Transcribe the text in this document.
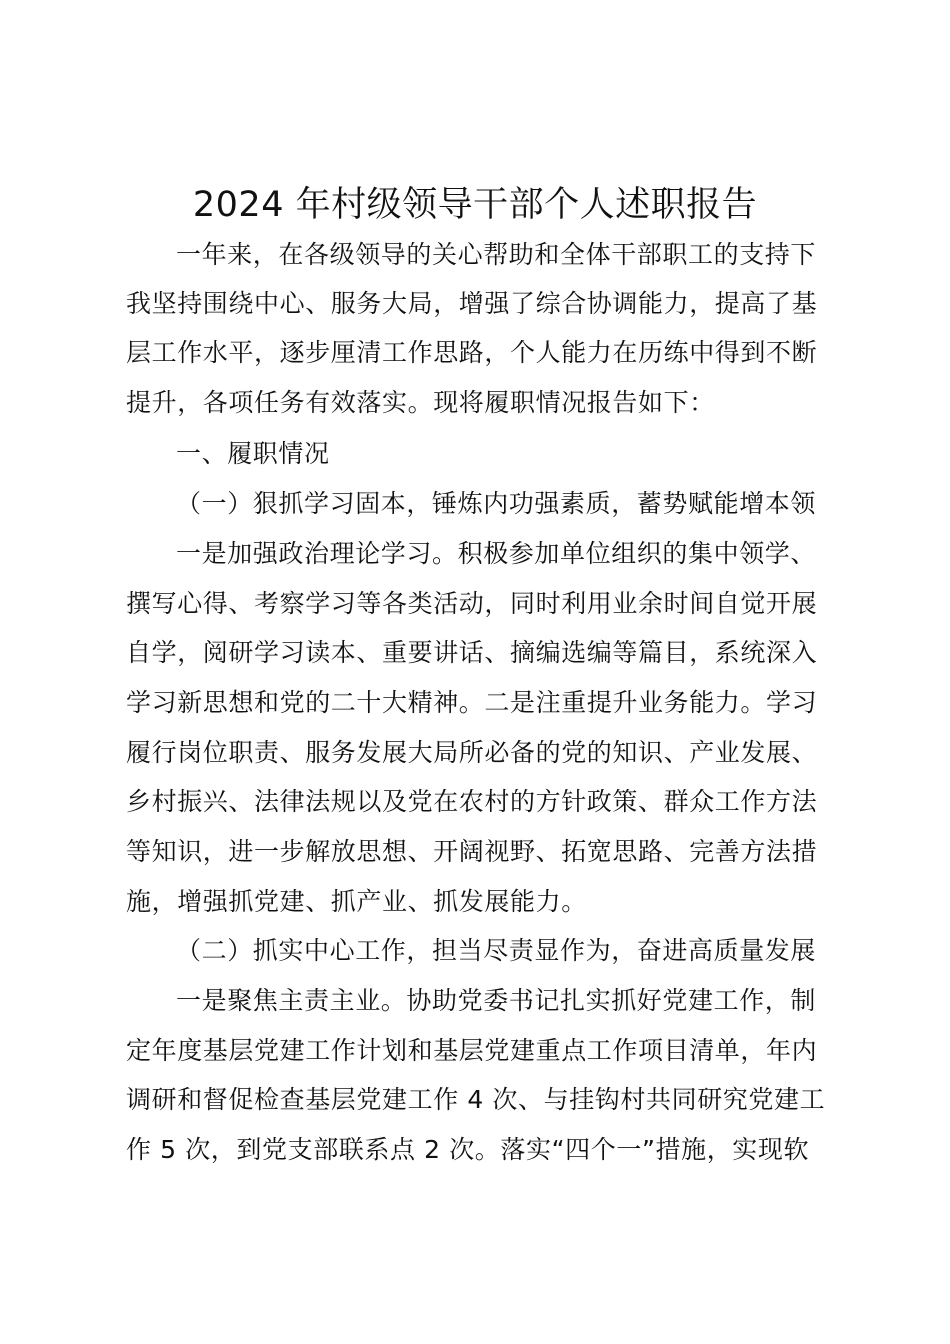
2024 年村级领导干部个人述职报告
一年来，在各级领导的关心帮助和全体干部职工的支持下
我坚持围绕中心、服务大局，增强了综合协调能力，提高了基
层工作水平，逐步厘清工作思路，个人能力在历练中得到不断
提升，各项任务有效落实。现将履职情况报告如下：
一、履职情况
（一）狠抓学习固本，锤炼内功强素质，蓄势赋能增本领
一是加强政治理论学习。积极参加单位组织的集中领学、
撰写心得、考察学习等各类活动，同时利用业余时间自觉开展
自学，阅研学习读本、重要讲话、摘编选编等篇目，系统深入
学习新思想和党的二十大精神。二是注重提升业务能力。学习
履行岗位职责、服务发展大局所必备的党的知识、产业发展、
乡村振兴、法律法规以及党在农村的方针政策、群众工作方法
等知识，进一步解放思想、开阔视野、拓宽思路、完善方法措
施，增强抓党建、抓产业、抓发展能力。
（二）抓实中心工作，担当尽责显作为，奋进高质量发展
一是聚焦主责主业。协助党委书记扎实抓好党建工作，制
定年度基层党建工作计划和基层党建重点工作项目清单，年内
调研和督促检查基层党建工作 4 次、与挂钩村共同研究党建工
作 5 次，到党支部联系点 2 次。落实“四个一”措施，实现软
